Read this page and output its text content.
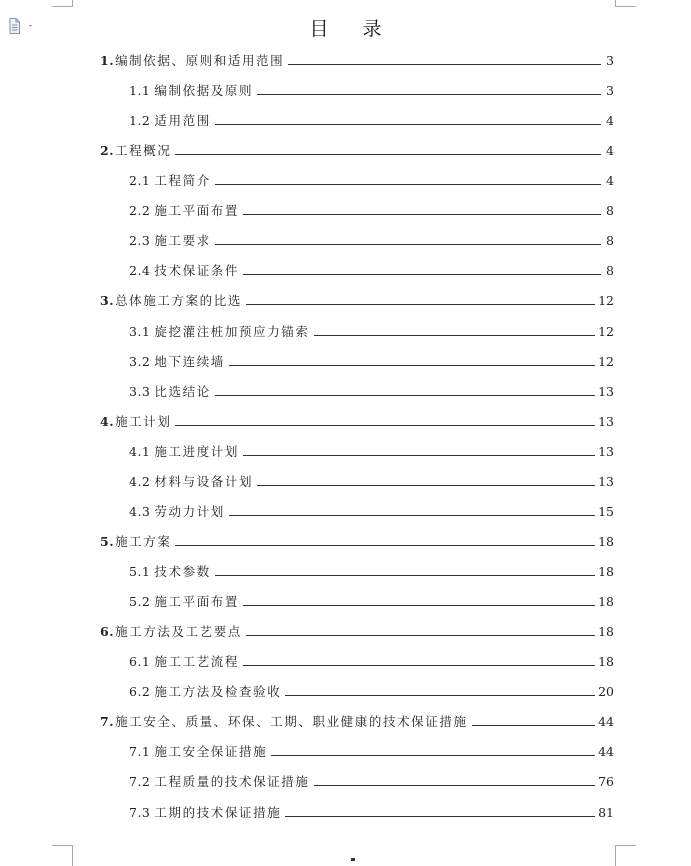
目 录
1. 编制依据、原则和适用范围	3
1.1 编制依据及原则	3
1.2 适用范围	4
2. 工程概况	4
2.1 工程简介	4
2.2 施工平面布置	8
2.3 施工要求	8
2.4 技术保证条件	8
3. 总体施工方案的比选	12
3.1 旋挖灌注桩加预应力锚索	12
3.2 地下连续墙	12
3.3 比选结论	13
4. 施工计划	13
4.1 施工进度计划	13
4.2 材料与设备计划	13
4.3 劳动力计划	15
5. 施工方案	18
5.1 技术参数	18
5.2 施工平面布置	18
6. 施工方法及工艺要点	18
6.1 施工工艺流程	18
6.2 施工方法及检查验收	20
7. 施工安全、质量、环保、工期、职业健康的技术保证措施	44
7.1 施工安全保证措施	44
7.2 工程质量的技术保证措施	76
7.3 工期的技术保证措施	81
